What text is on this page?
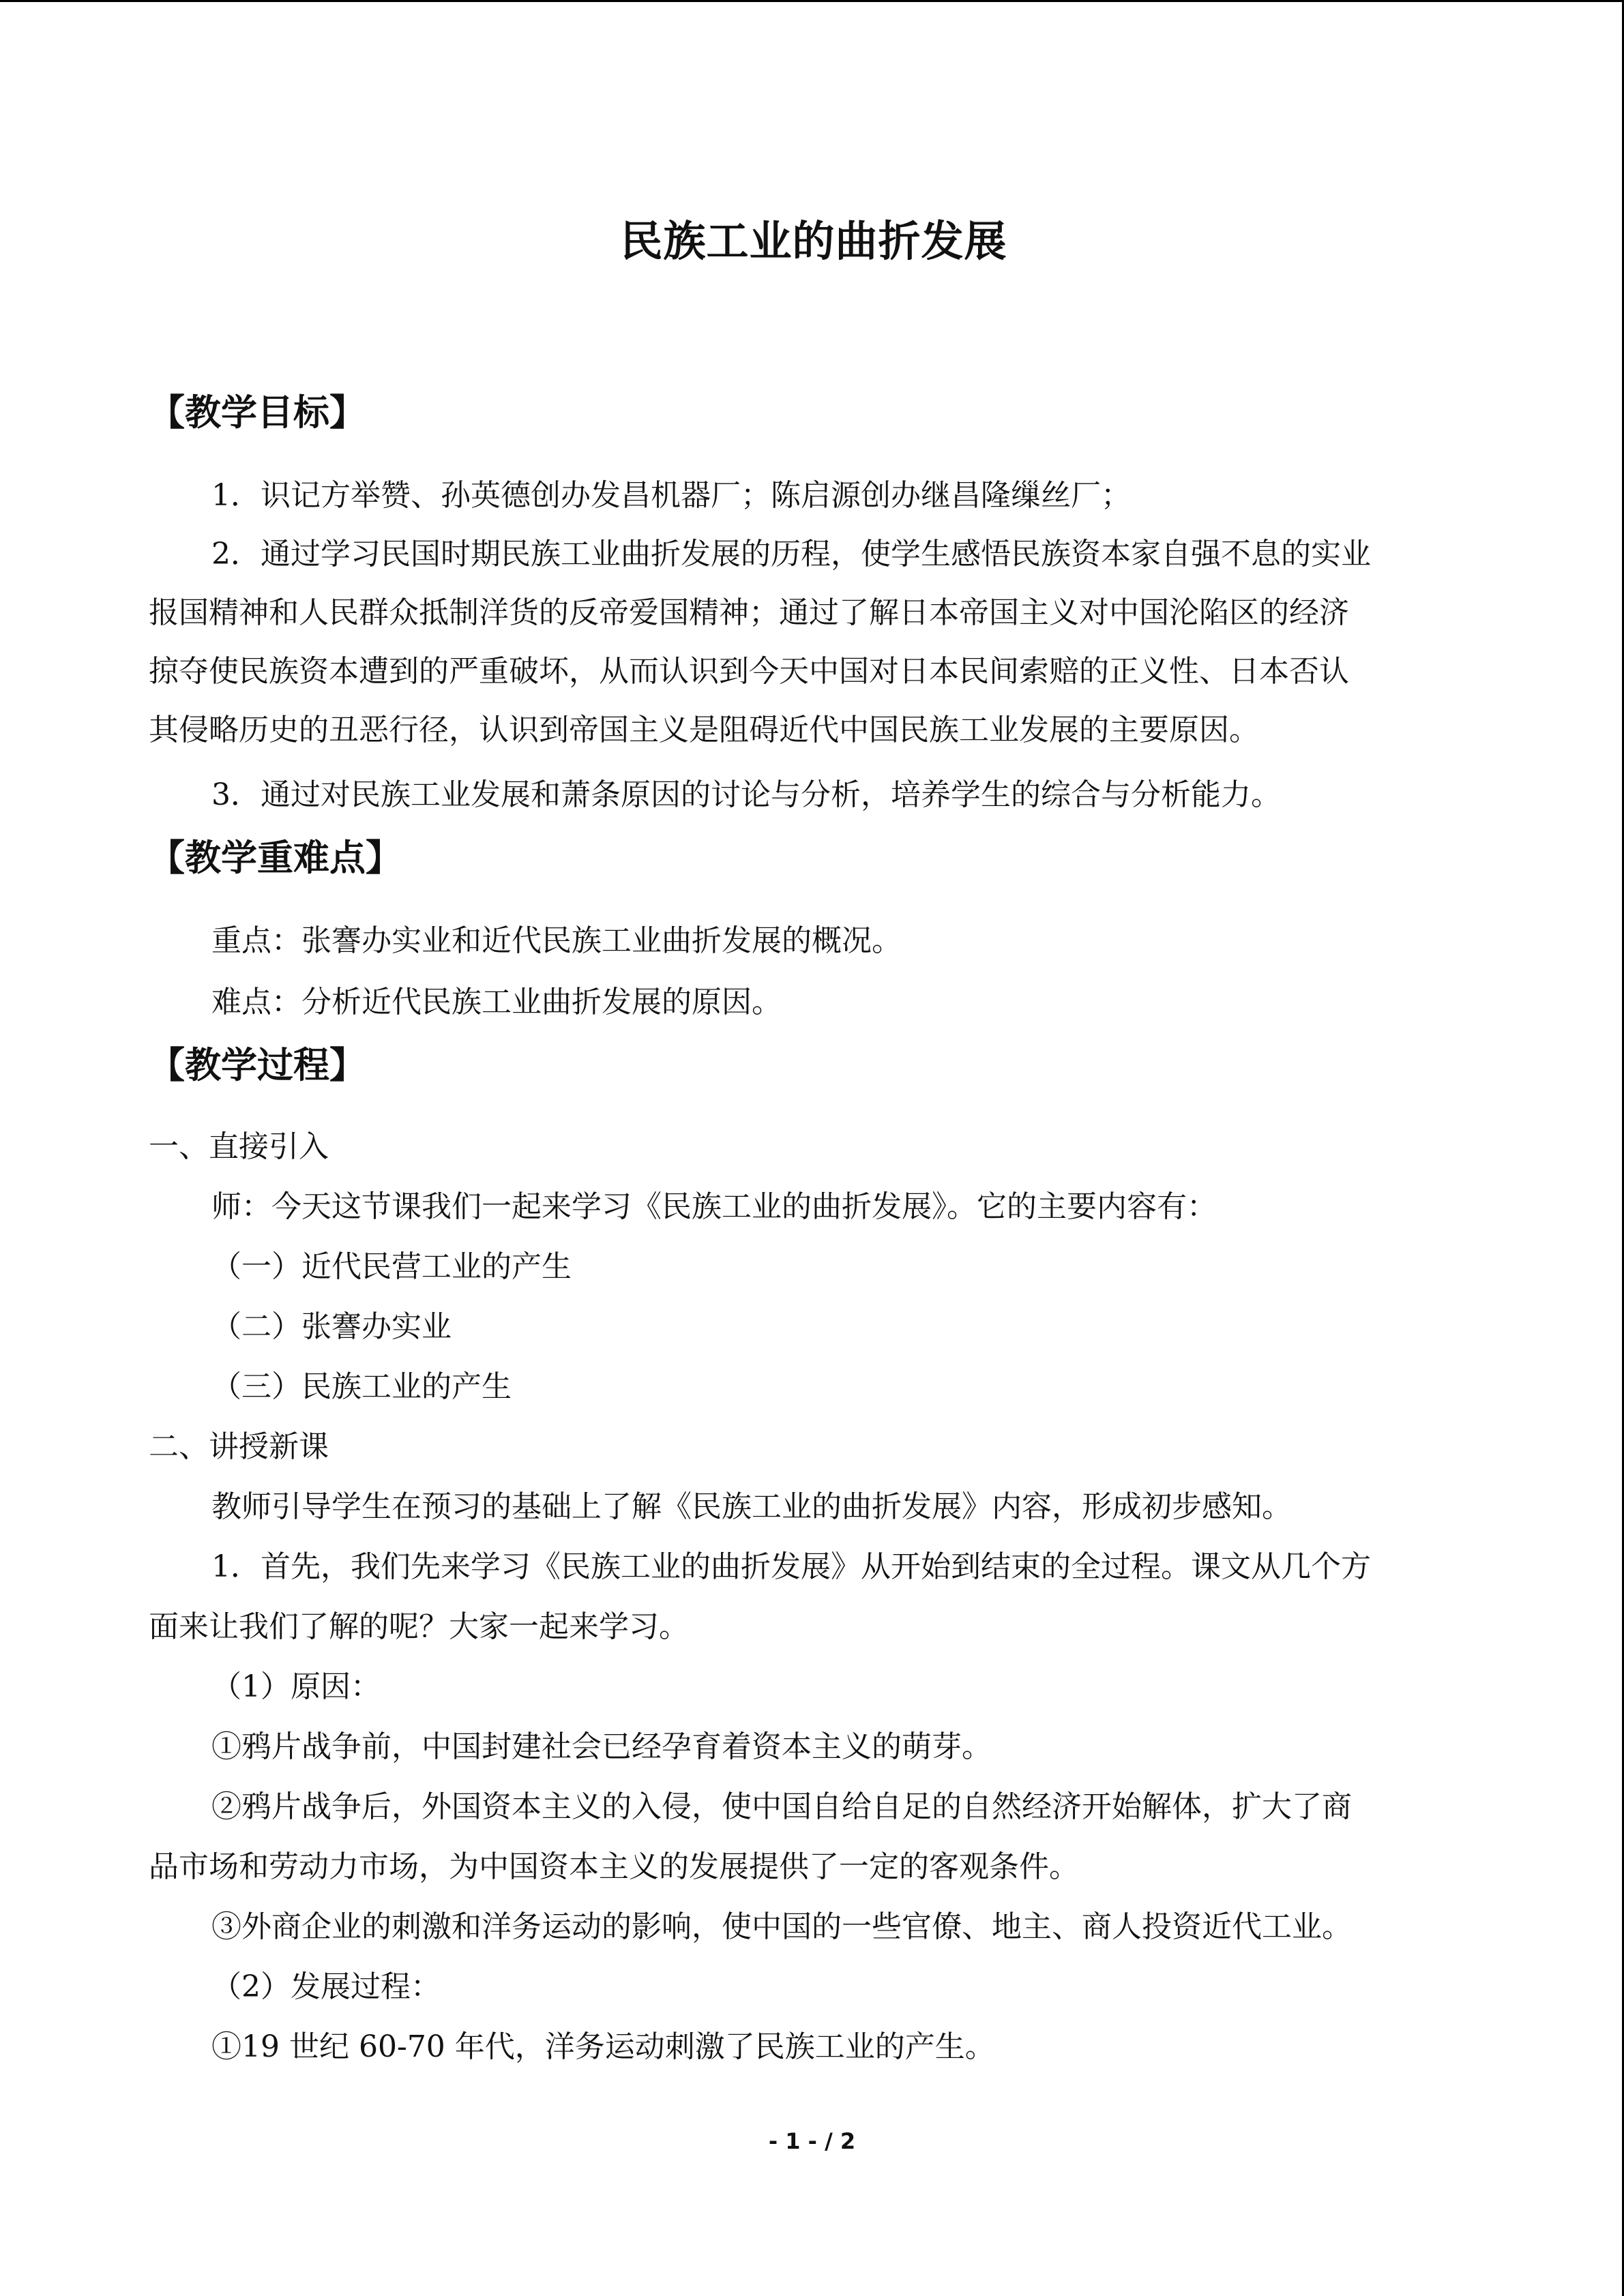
民族工业的曲折发展
【教学目标】
1．识记方举赞、孙英德创办发昌机器厂；陈启源创办继昌隆缫丝厂；
2．通过学习民国时期民族工业曲折发展的历程，使学生感悟民族资本家自强不息的实业
报国精神和人民群众抵制洋货的反帝爱国精神；通过了解日本帝国主义对中国沦陷区的经济
掠夺使民族资本遭到的严重破坏，从而认识到今天中国对日本民间索赔的正义性、日本否认
其侵略历史的丑恶行径，认识到帝国主义是阻碍近代中国民族工业发展的主要原因。
3．通过对民族工业发展和萧条原因的讨论与分析，培养学生的综合与分析能力。
【教学重难点】
重点：张謇办实业和近代民族工业曲折发展的概况。
难点：分析近代民族工业曲折发展的原因。
【教学过程】
一、直接引入
师：今天这节课我们一起来学习《民族工业的曲折发展》。它的主要内容有：
（一）近代民营工业的产生
（二）张謇办实业
（三）民族工业的产生
二、讲授新课
教师引导学生在预习的基础上了解《民族工业的曲折发展》内容，形成初步感知。
1．首先，我们先来学习《民族工业的曲折发展》从开始到结束的全过程。课文从几个方
面来让我们了解的呢？大家一起来学习。
（1）原因：
①鸦片战争前，中国封建社会已经孕育着资本主义的萌芽。
②鸦片战争后，外国资本主义的入侵，使中国自给自足的自然经济开始解体，扩大了商
品市场和劳动力市场，为中国资本主义的发展提供了一定的客观条件。
③外商企业的刺激和洋务运动的影响，使中国的一些官僚、地主、商人投资近代工业。
（2）发展过程：
①19 世纪 60-70 年代，洋务运动刺激了民族工业的产生。
- 1 - / 2
